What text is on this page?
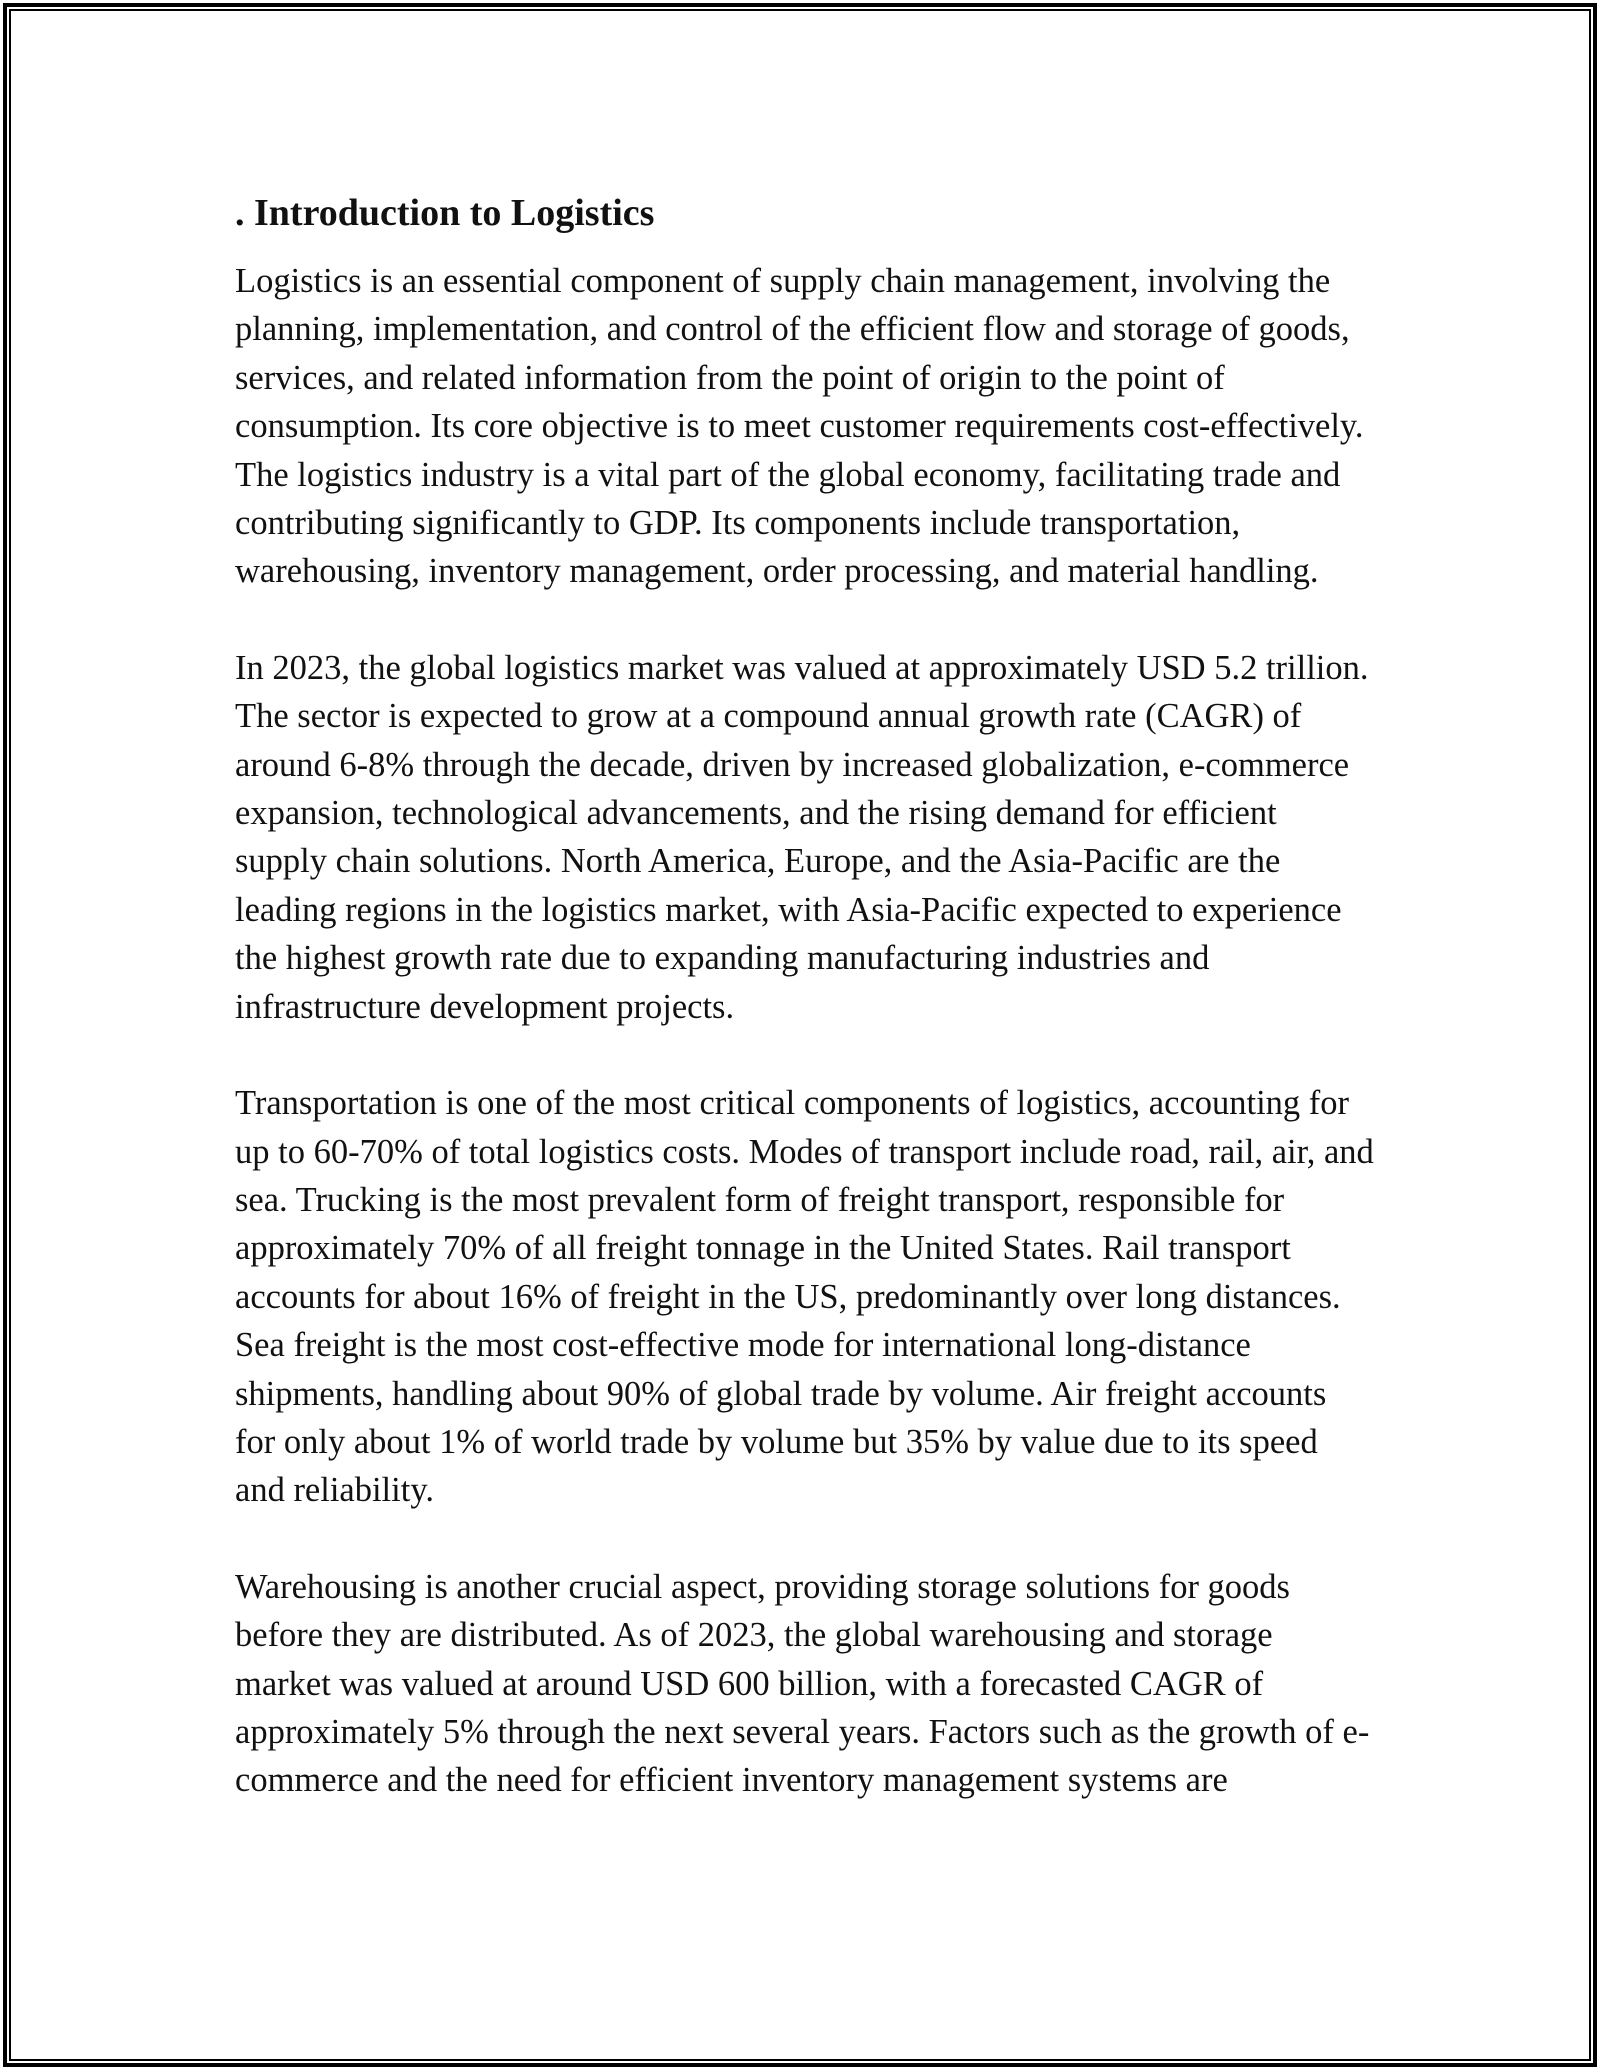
. Introduction to Logistics

Logistics is an essential component of supply chain management, involving the planning, implementation, and control of the efficient flow and storage of goods, services, and related information from the point of origin to the point of consumption. Its core objective is to meet customer requirements cost-effectively. The logistics industry is a vital part of the global economy, facilitating trade and contributing significantly to GDP. Its components include transportation, warehousing, inventory management, order processing, and material handling.

In 2023, the global logistics market was valued at approximately USD 5.2 trillion. The sector is expected to grow at a compound annual growth rate (CAGR) of around 6-8% through the decade, driven by increased globalization, e-commerce expansion, technological advancements, and the rising demand for efficient supply chain solutions. North America, Europe, and the Asia-Pacific are the leading regions in the logistics market, with Asia-Pacific expected to experience the highest growth rate due to expanding manufacturing industries and infrastructure development projects.

Transportation is one of the most critical components of logistics, accounting for up to 60-70% of total logistics costs. Modes of transport include road, rail, air, and sea. Trucking is the most prevalent form of freight transport, responsible for approximately 70% of all freight tonnage in the United States. Rail transport accounts for about 16% of freight in the US, predominantly over long distances. Sea freight is the most cost-effective mode for international long-distance shipments, handling about 90% of global trade by volume. Air freight accounts for only about 1% of world trade by volume but 35% by value due to its speed and reliability.

Warehousing is another crucial aspect, providing storage solutions for goods before they are distributed. As of 2023, the global warehousing and storage market was valued at around USD 600 billion, with a forecasted CAGR of approximately 5% through the next several years. Factors such as the growth of e-commerce and the need for efficient inventory management systems are
